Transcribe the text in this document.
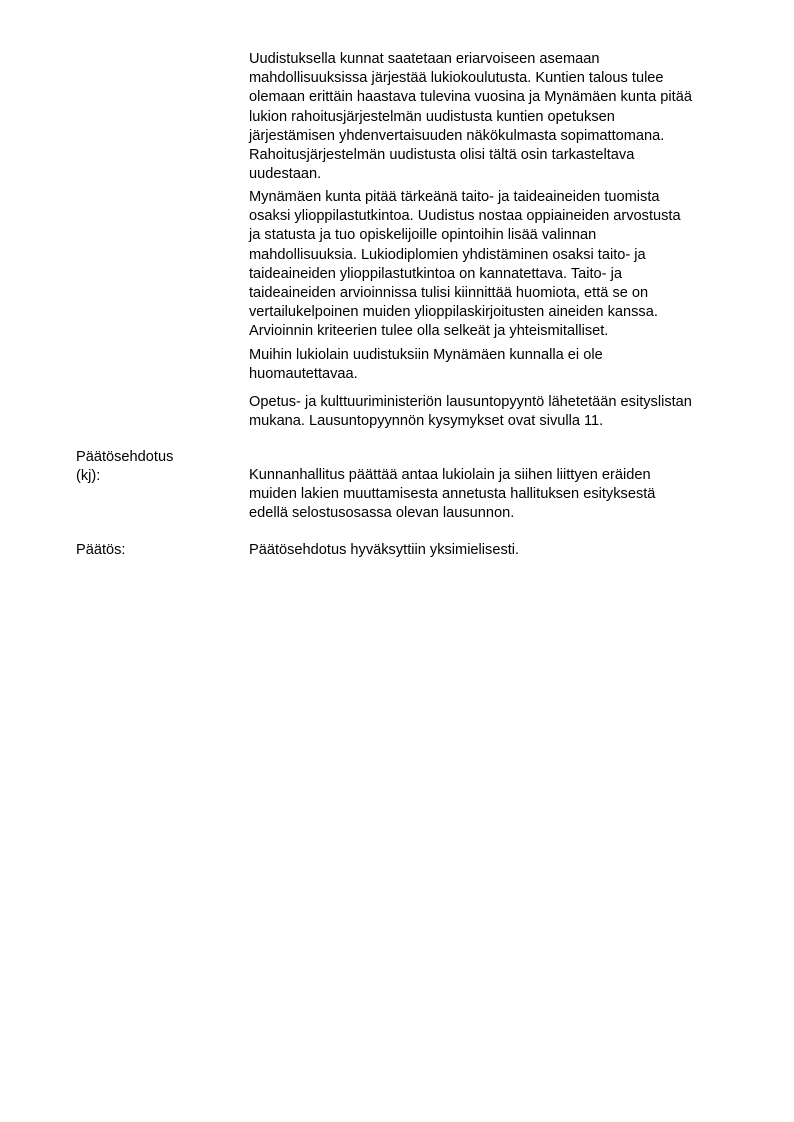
Uudistuksella kunnat saatetaan eriarvoiseen asemaan
mahdollisuuksissa järjestää lukiokoulutusta. Kuntien talous tulee
olemaan erittäin haastava tulevina vuosina ja Mynämäen kunta pitää
lukion rahoitusjärjestelmän uudistusta kuntien opetuksen
järjestämisen yhdenvertaisuuden näkökulmasta sopimattomana.
Rahoitusjärjestelmän uudistusta olisi tältä osin tarkasteltava
uudestaan.
Mynämäen kunta pitää tärkeänä taito- ja taideaineiden tuomista
osaksi ylioppilastutkintoa. Uudistus nostaa oppiaineiden arvostusta
ja statusta ja tuo opiskelijoille opintoihin lisää valinnan
mahdollisuuksia. Lukiodiplomien yhdistäminen osaksi taito- ja
taideaineiden ylioppilastutkintoa on kannatettava. Taito- ja
taideaineiden arvioinnissa tulisi kiinnittää huomiota, että se on
vertailukelpoinen muiden ylioppilaskirjoitusten aineiden kanssa.
Arvioinnin kriteerien tulee olla selkeät ja yhteismitalliset.
Muihin lukiolain uudistuksiin Mynämäen kunnalla ei ole
huomautettavaa.
Opetus- ja kulttuuriministeriön lausuntopyyntö lähetetään esityslistan
mukana. Lausuntopyynnön kysymykset ovat sivulla 11.
Päätösehdotus
(kj):	Kunnanhallitus päättää antaa lukiolain ja siihen liittyen eräiden
muiden lakien muuttamisesta annetusta hallituksen esityksestä
edellä selostusosassa olevan lausunnon.
Päätös:	Päätösehdotus hyväksyttiin yksimielisesti.
